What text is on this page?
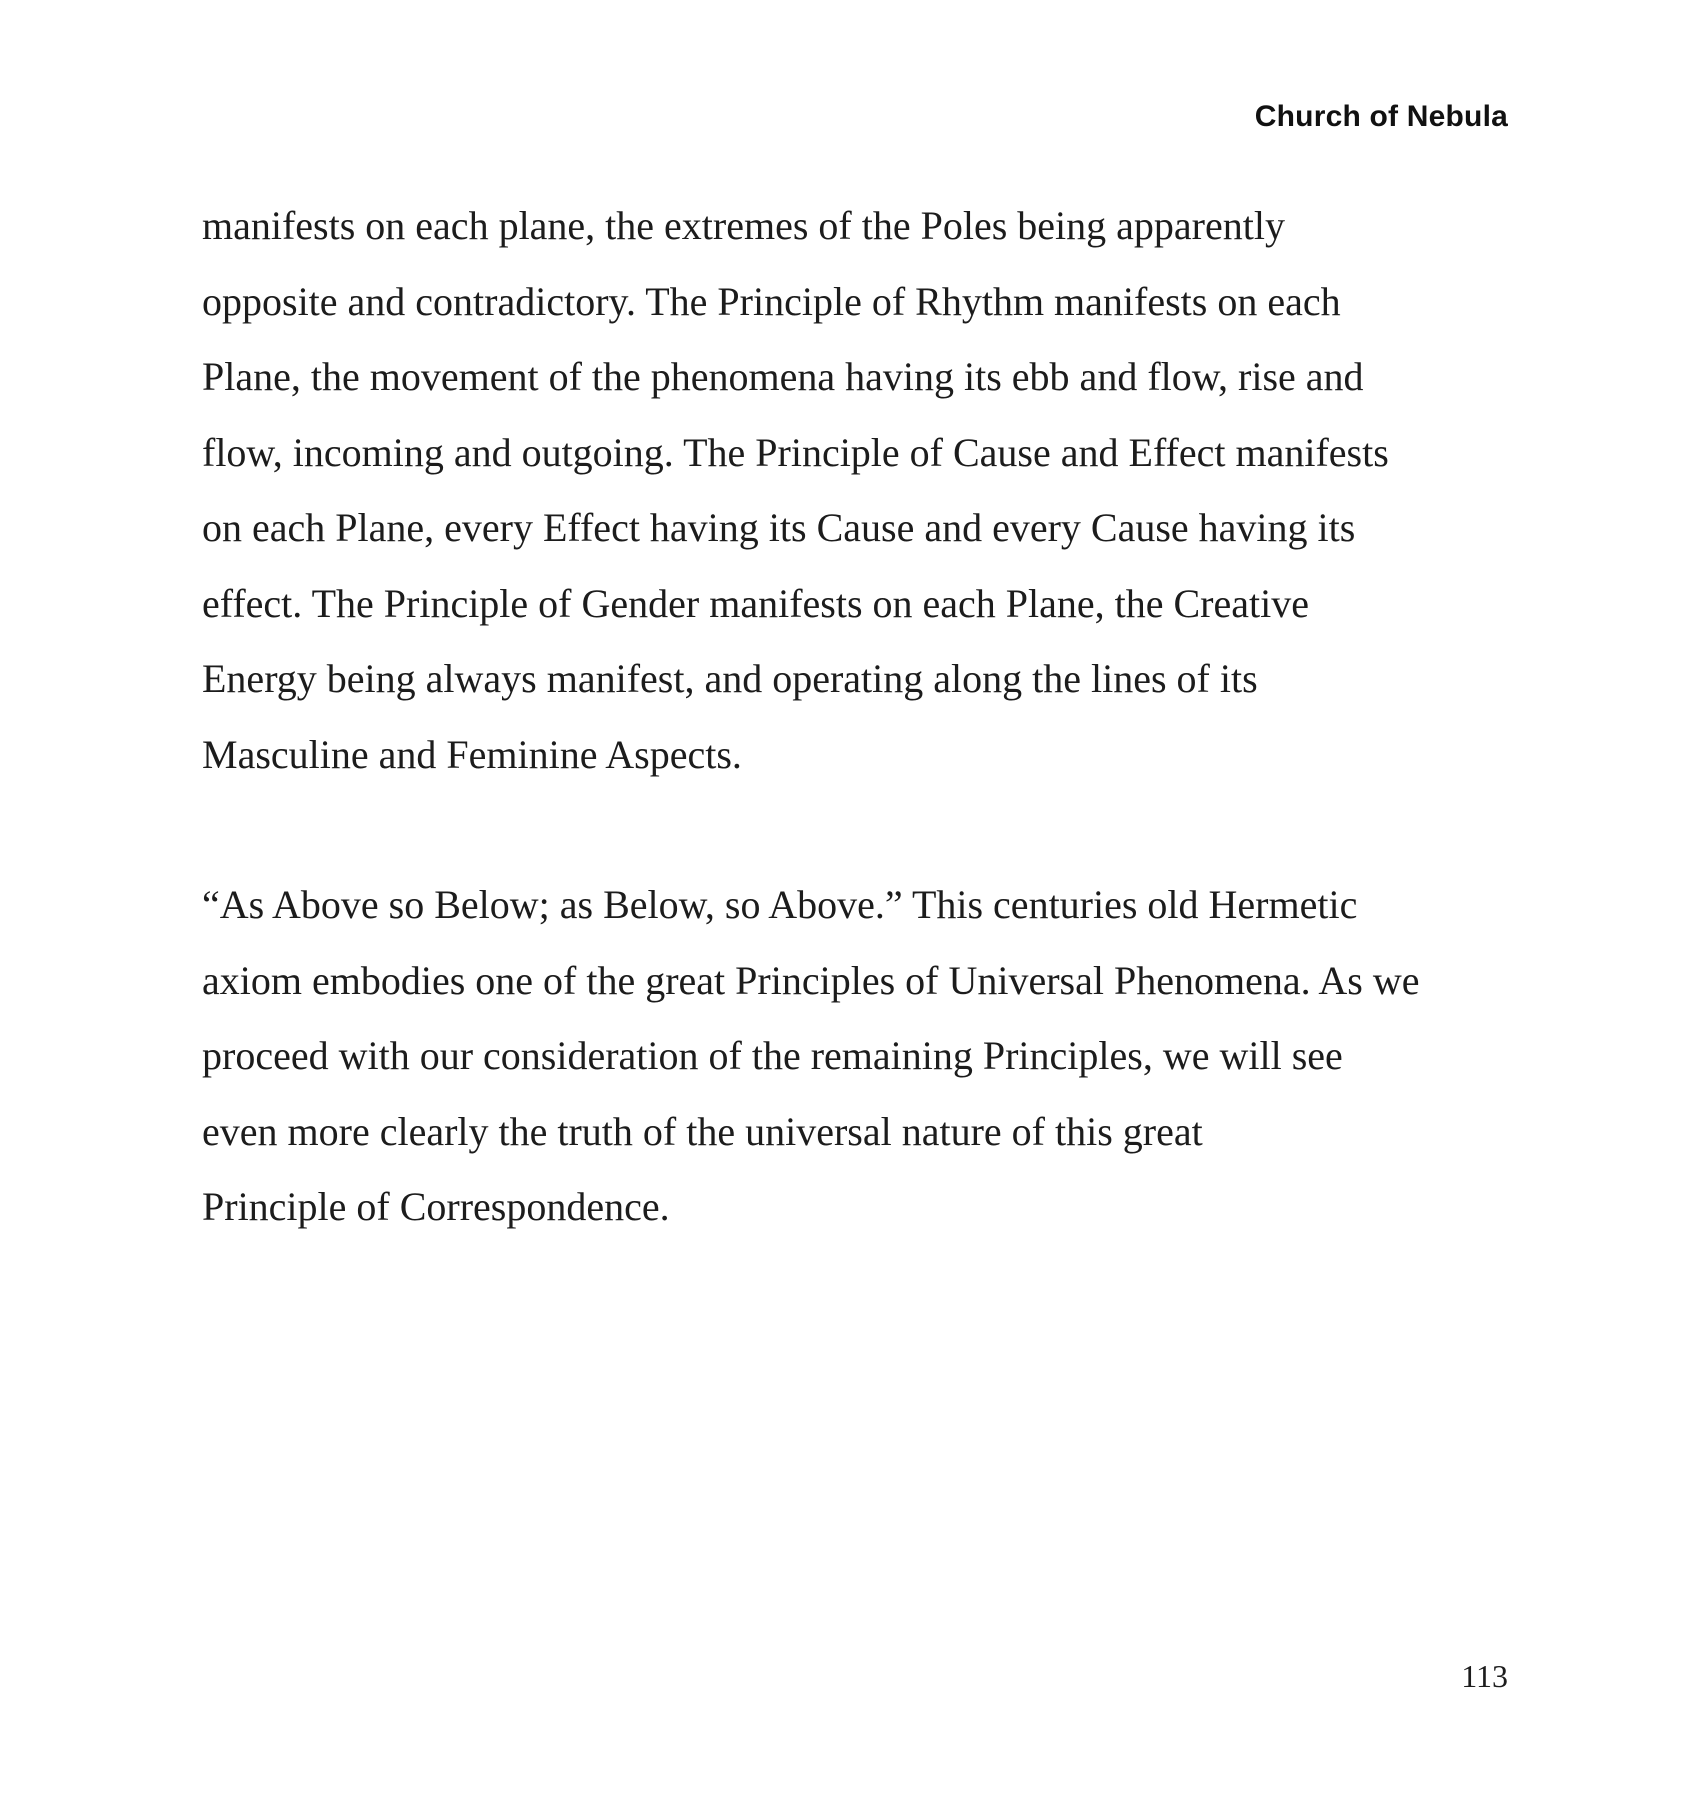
Church of Nebula

manifests on each plane, the extremes of the Poles being apparently
opposite and contradictory. The Principle of Rhythm manifests on each
Plane, the movement of the phenomena having its ebb and flow, rise and
flow, incoming and outgoing. The Principle of Cause and Effect manifests
on each Plane, every Effect having its Cause and every Cause having its
effect. The Principle of Gender manifests on each Plane, the Creative
Energy being always manifest, and operating along the lines of its
Masculine and Feminine Aspects.

“As Above so Below; as Below, so Above.” This centuries old Hermetic
axiom embodies one of the great Principles of Universal Phenomena. As we
proceed with our consideration of the remaining Principles, we will see
even more clearly the truth of the universal nature of this great
Principle of Correspondence.

113
